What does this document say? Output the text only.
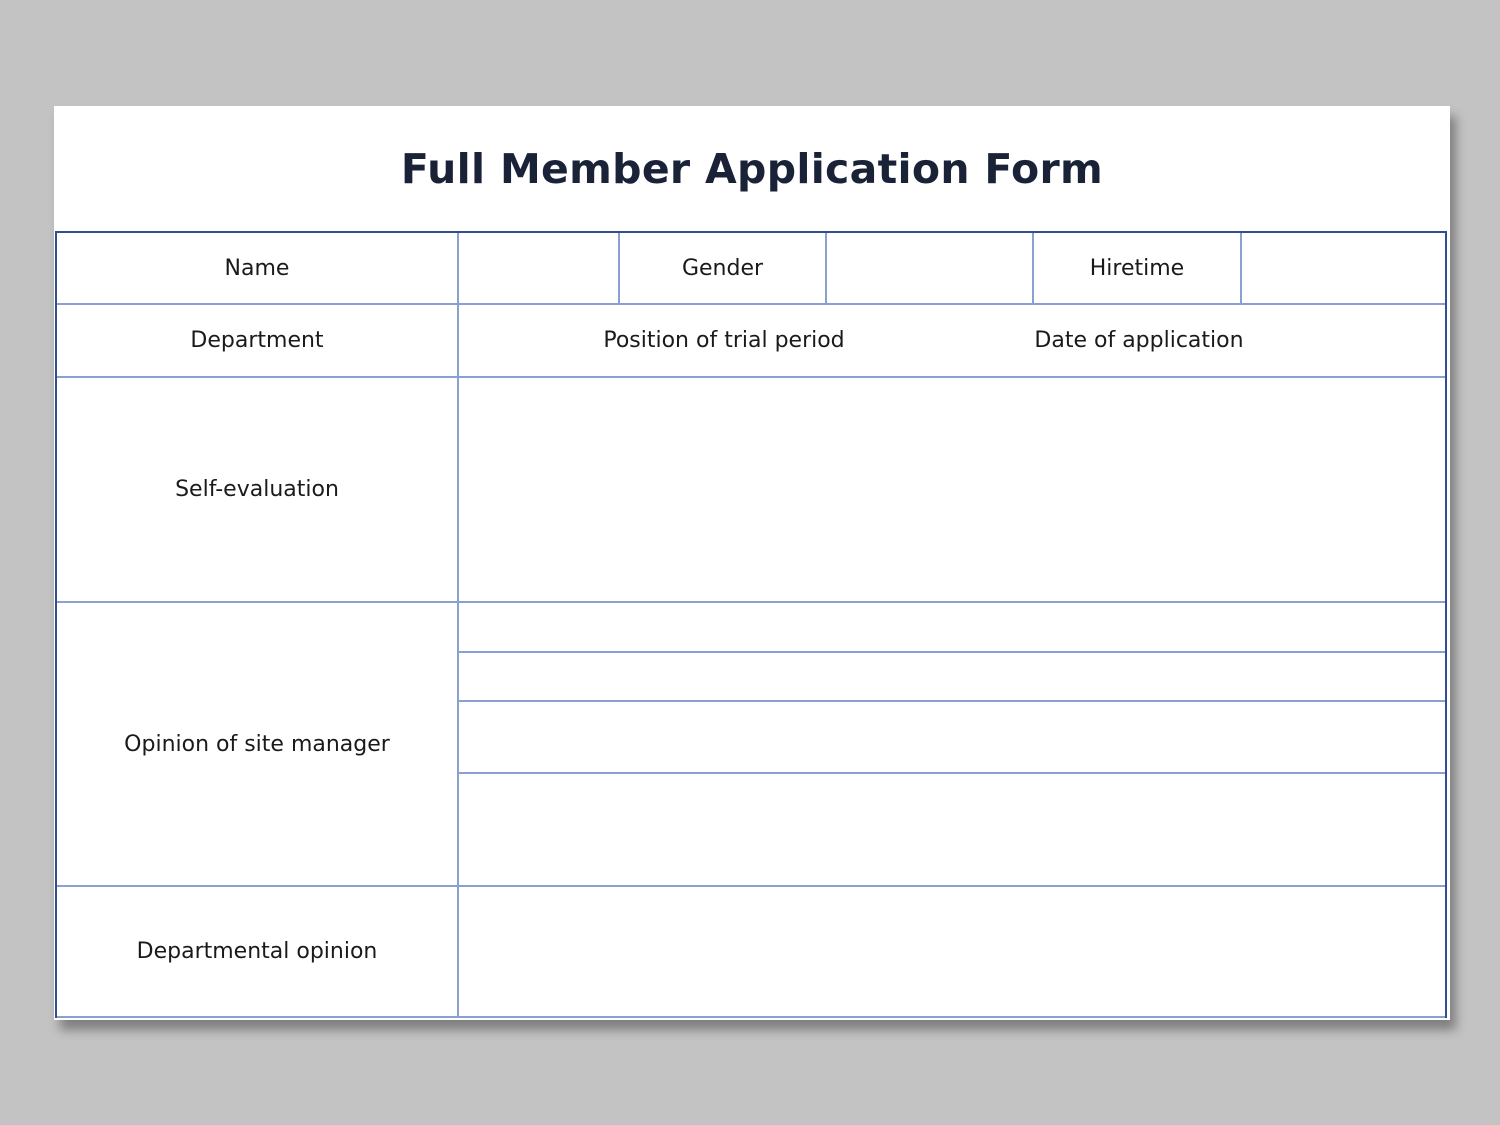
Full Member Application Form
Name	Gender	Hiretime
Department	Position of trial period	Date of application
Self-evaluation
Opinion of site manager
Departmental opinion
